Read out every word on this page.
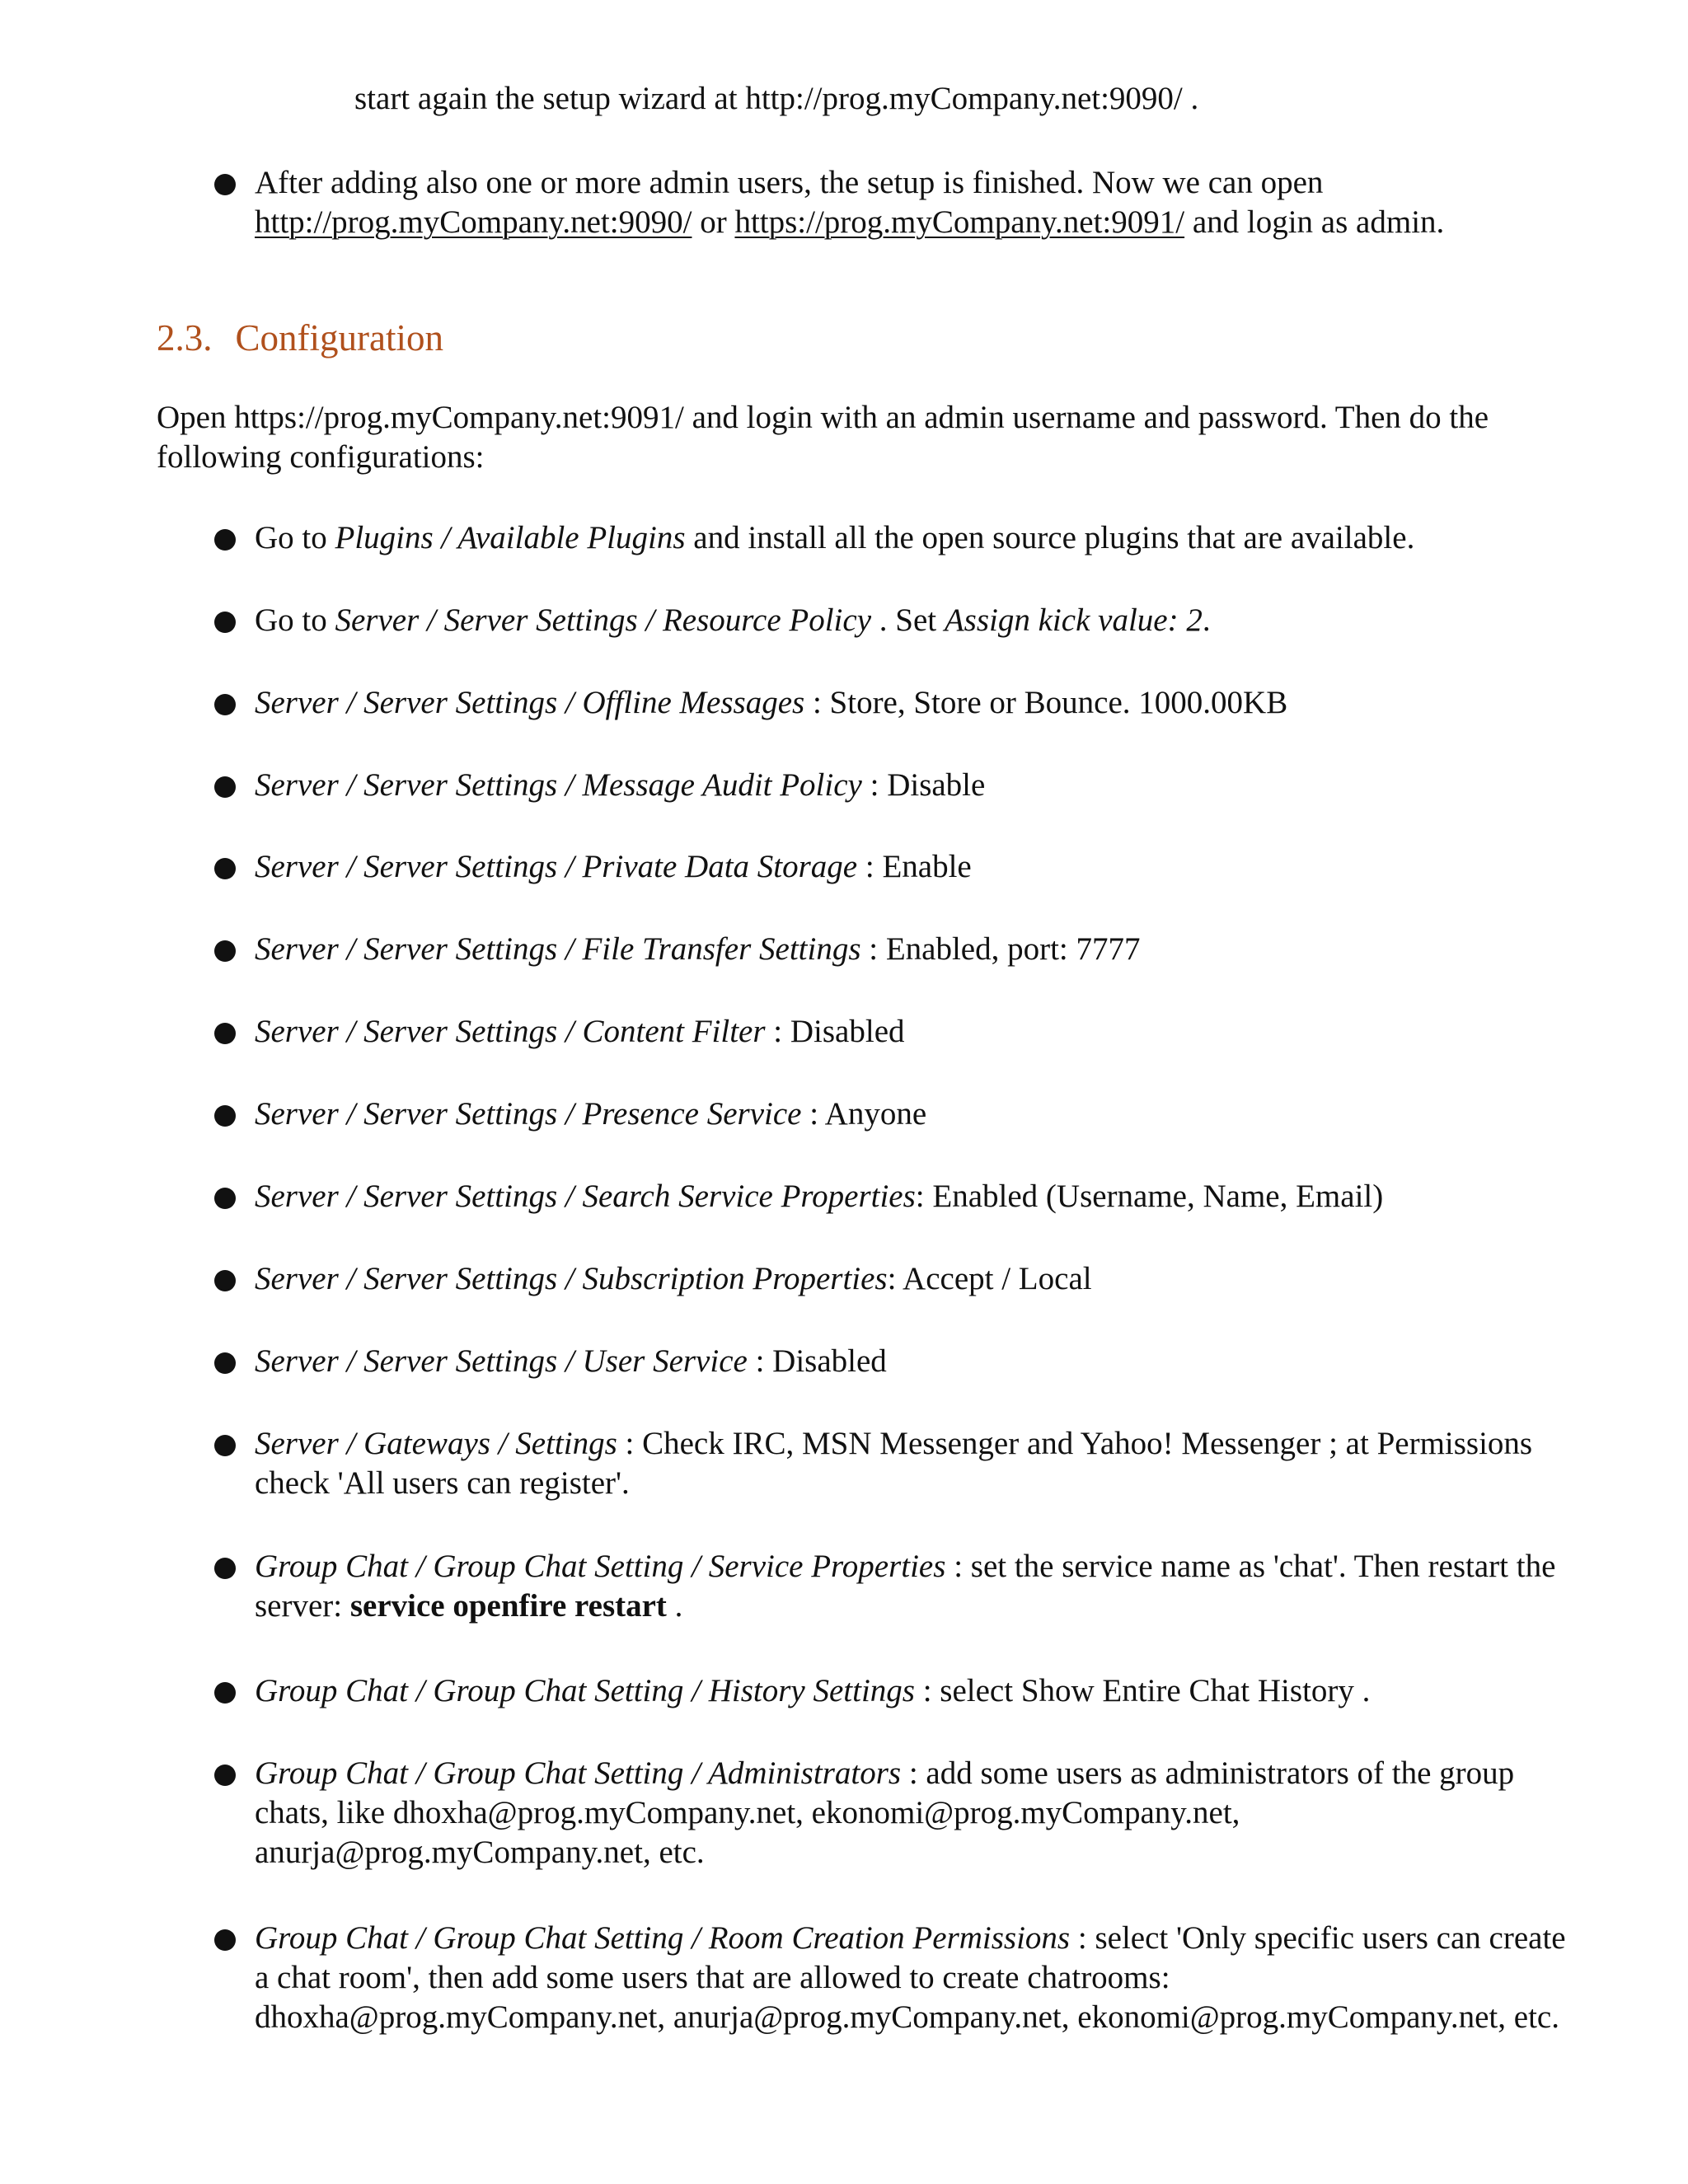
start again the setup wizard at http://prog.myCompany.net:9090/ .
After adding also one or more admin users, the setup is finished. Now we can open
http://prog.myCompany.net:9090/ or https://prog.myCompany.net:9091/ and login as admin.
2.3. Configuration
Open https://prog.myCompany.net:9091/ and login with an admin username and password. Then do the
following configurations:
Go to Plugins / Available Plugins and install all the open source plugins that are available.
Go to Server / Server Settings / Resource Policy . Set Assign kick value: 2.
Server / Server Settings / Offline Messages : Store, Store or Bounce. 1000.00KB
Server / Server Settings / Message Audit Policy : Disable
Server / Server Settings / Private Data Storage : Enable
Server / Server Settings / File Transfer Settings : Enabled, port: 7777
Server / Server Settings / Content Filter : Disabled
Server / Server Settings / Presence Service : Anyone
Server / Server Settings / Search Service Properties: Enabled (Username, Name, Email)
Server / Server Settings / Subscription Properties: Accept / Local
Server / Server Settings / User Service : Disabled
Server / Gateways / Settings : Check IRC, MSN Messenger and Yahoo! Messenger ; at Permissions
check 'All users can register'.
Group Chat / Group Chat Setting / Service Properties : set the service name as 'chat'. Then restart the
server: service openfire restart .
Group Chat / Group Chat Setting / History Settings : select Show Entire Chat History .
Group Chat / Group Chat Setting / Administrators : add some users as administrators of the group
chats, like dhoxha@prog.myCompany.net, ekonomi@prog.myCompany.net,
anurja@prog.myCompany.net, etc.
Group Chat / Group Chat Setting / Room Creation Permissions : select 'Only specific users can create
a chat room', then add some users that are allowed to create chatrooms:
dhoxha@prog.myCompany.net, anurja@prog.myCompany.net, ekonomi@prog.myCompany.net, etc.
